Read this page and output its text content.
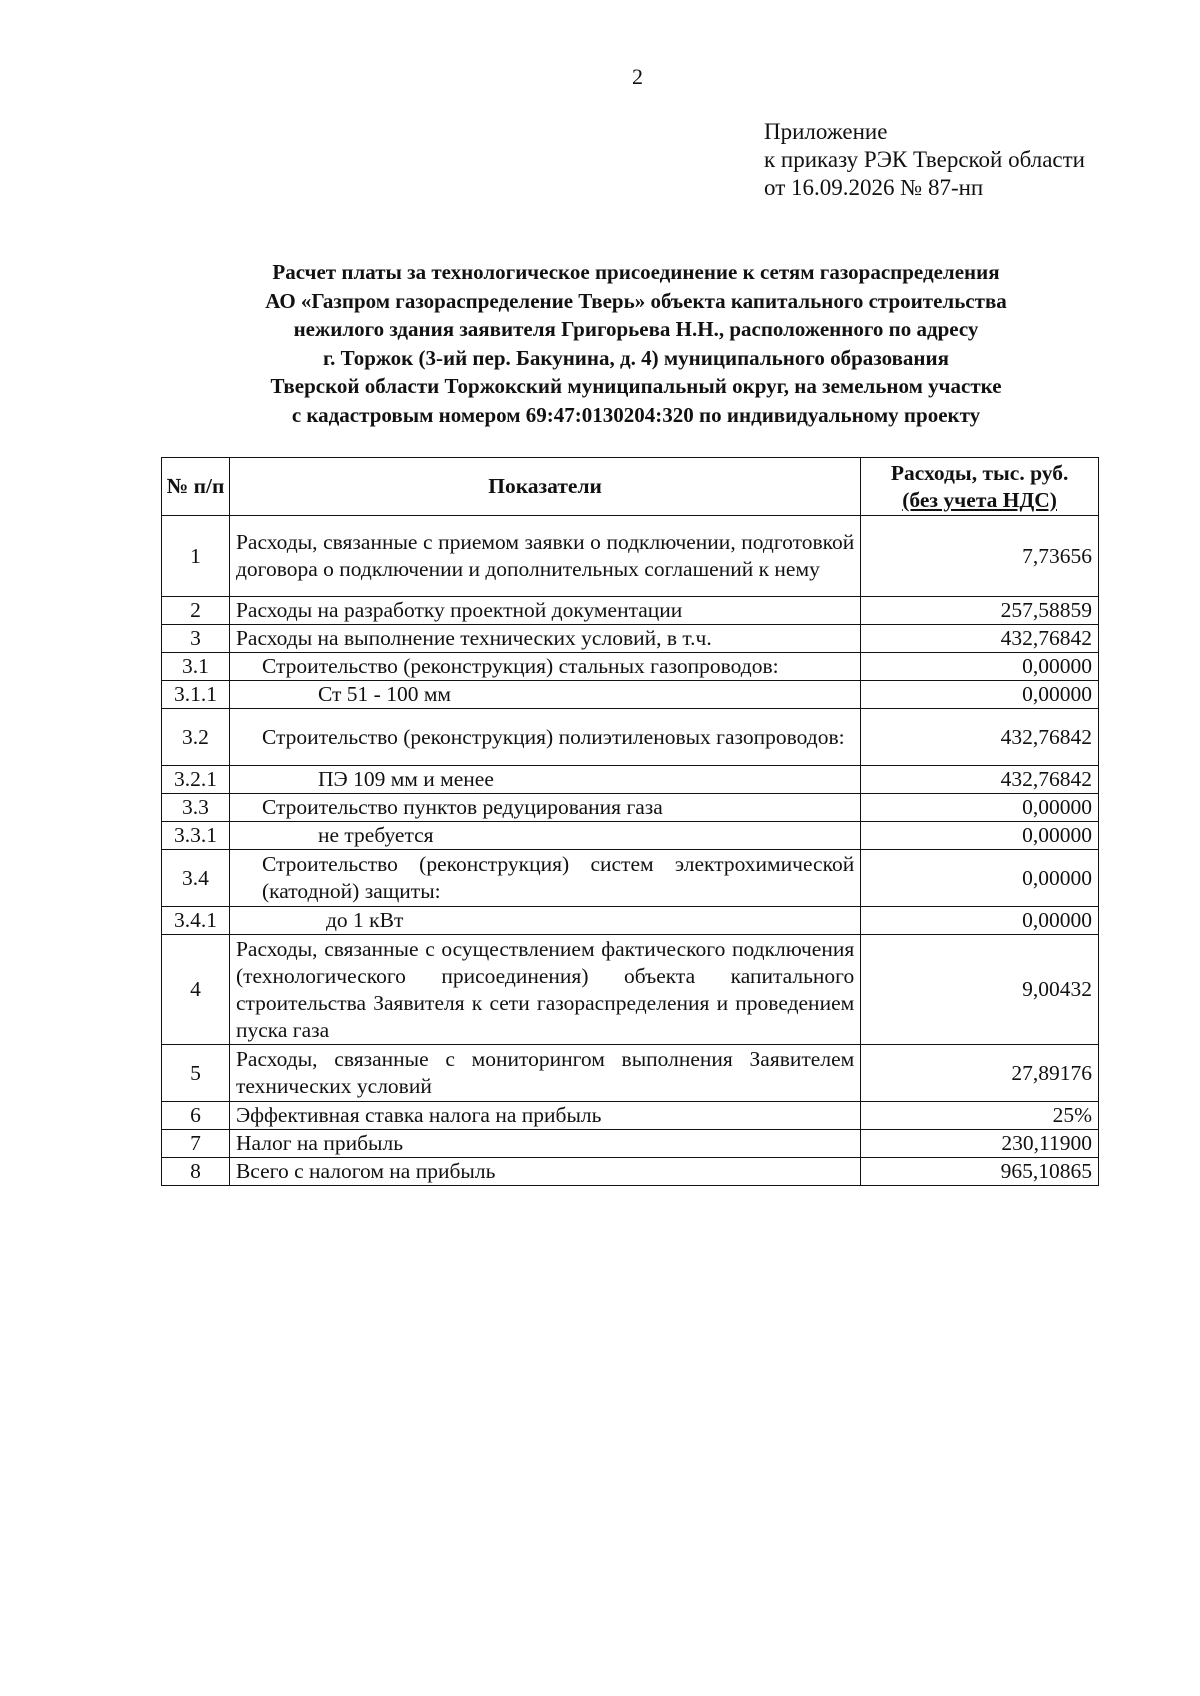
2
Приложение
к приказу РЭК Тверской области
от 16.09.2026 № 87-нп
Расчет платы за технологическое присоединение к сетям газораспределения
АО «Газпром газораспределение Тверь» объекта капитального строительства
нежилого здания заявителя Григорьева Н.Н., расположенного по адресу
г. Торжок (3-ий пер. Бакунина, д. 4) муниципального образования
Тверской области Торжокский муниципальный округ, на земельном участке
с кадастровым номером 69:47:0130204:320 по индивидуальному проекту
№ п/п	Показатели	Расходы, тыс. руб.
(без учета НДС)

1	Расходы, связанные с приемом заявки о подключении, подготовкой договора о подключении и дополнительных соглашений к нему	7,73656
2	Расходы на разработку проектной документации	257,58859
3	Расходы на выполнение технических условий, в т.ч.	432,76842
3.1	Строительство (реконструкция) стальных газопроводов:	0,00000
3.1.1	Ст 51 - 100 мм	0,00000
3.2	Строительство (реконструкция) полиэтиленовых газопроводов:	432,76842
3.2.1	ПЭ 109 мм и менее	432,76842
3.3	Строительство пунктов редуцирования газа	0,00000
3.3.1	не требуется	0,00000
3.4	Строительство (реконструкция) систем электрохимической (катодной) защиты:	0,00000
3.4.1	до 1 кВт	0,00000
4	Расходы, связанные с осуществлением фактического подключения (технологического присоединения) объекта капитального строительства Заявителя к сети газораспределения и проведением пуска газа	9,00432
5	Расходы, связанные с мониторингом выполнения Заявителем технических условий	27,89176
6	Эффективная ставка налога на прибыль	25%
7	Налог на прибыль	230,11900
8	Всего с налогом на прибыль	965,10865
